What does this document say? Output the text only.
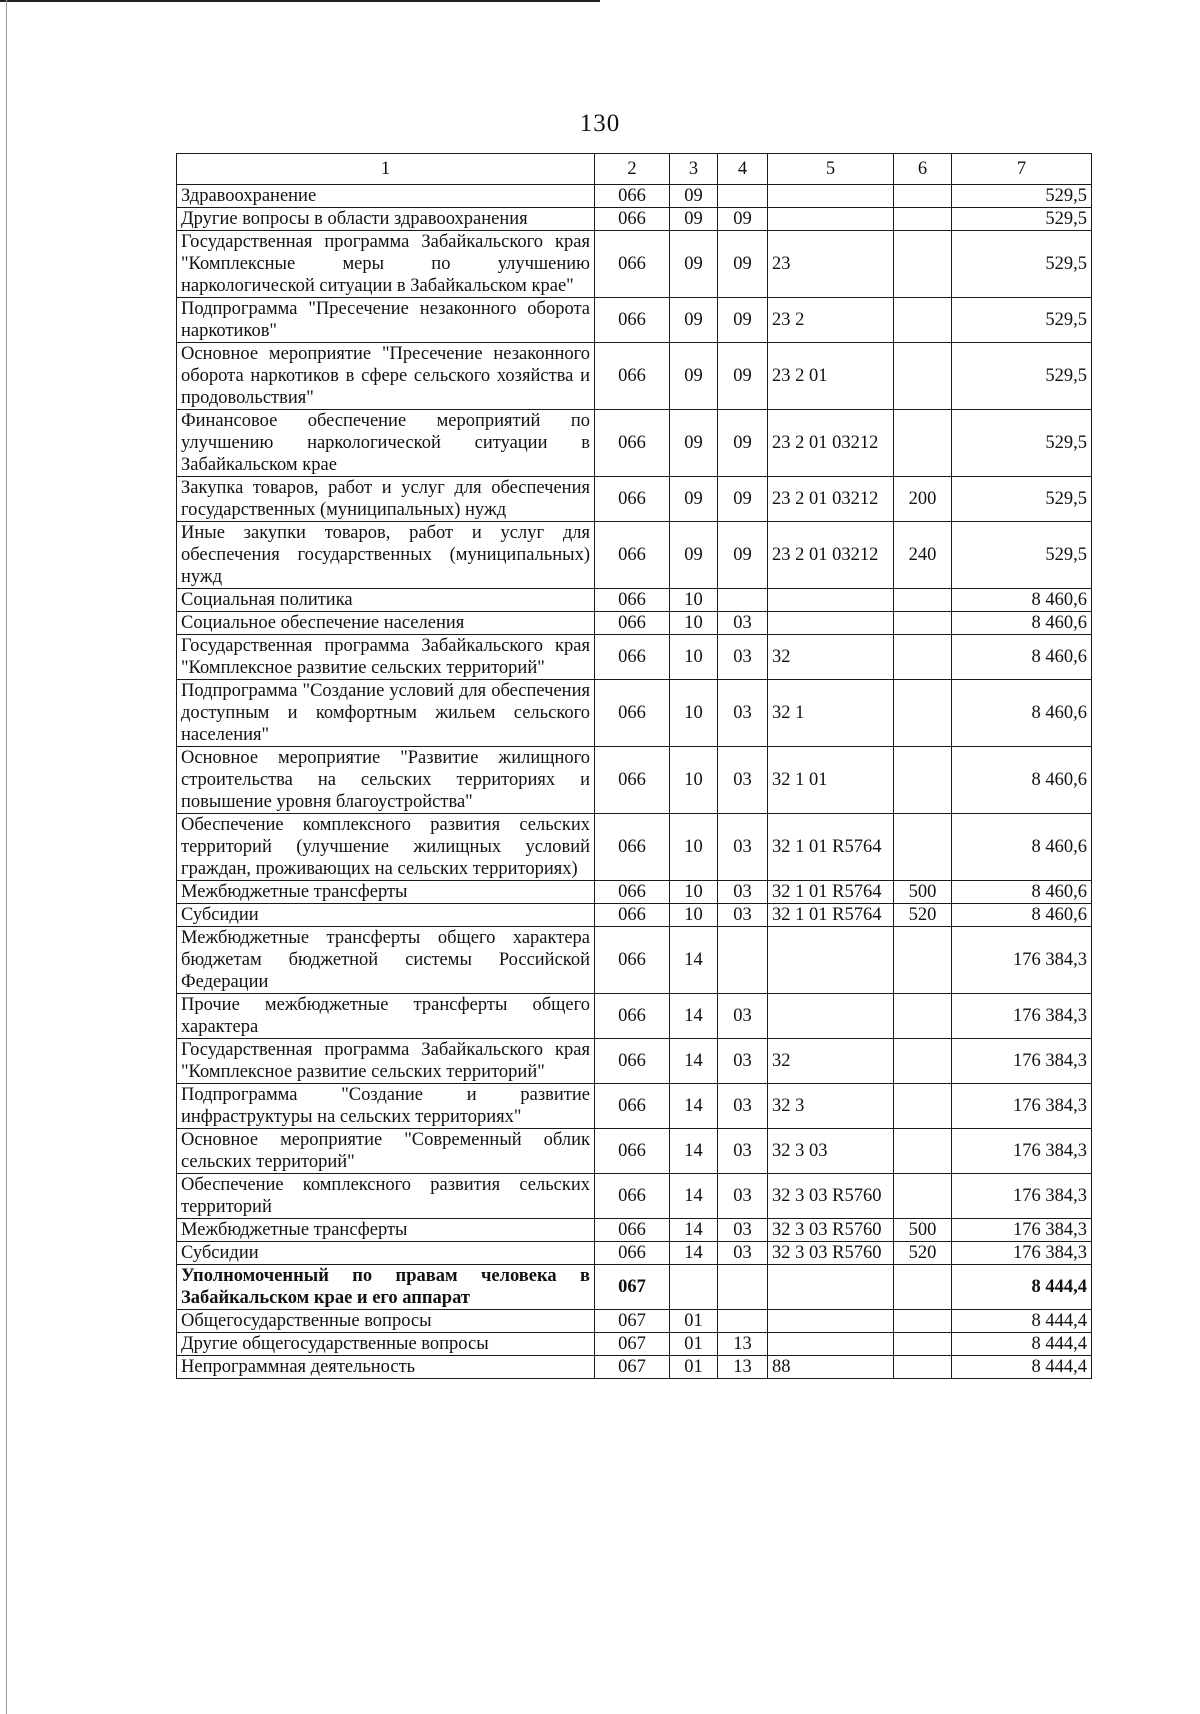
130
1	2	3	4	5	6	7
Здравоохранение	066	09				529,5
Другие вопросы в области здравоохранения	066	09	09			529,5
Государственная программа Забайкальского края "Комплексные меры по улучшению наркологической ситуации в Забайкальском крае"	066	09	09	23		529,5
Подпрограмма "Пресечение незаконного оборота наркотиков"	066	09	09	23 2		529,5
Основное мероприятие "Пресечение незаконного оборота наркотиков в сфере сельского хозяйства и продовольствия"	066	09	09	23 2 01		529,5
Финансовое обеспечение мероприятий по улучшению наркологической ситуации в Забайкальском крае	066	09	09	23 2 01 03212		529,5
Закупка товаров, работ и услуг для обеспечения государственных (муниципальных) нужд	066	09	09	23 2 01 03212	200	529,5
Иные закупки товаров, работ и услуг для обеспечения государственных (муниципальных) нужд	066	09	09	23 2 01 03212	240	529,5
Социальная политика	066	10				8 460,6
Социальное обеспечение населения	066	10	03			8 460,6
Государственная программа Забайкальского края "Комплексное развитие сельских территорий"	066	10	03	32		8 460,6
Подпрограмма "Создание условий для обеспечения доступным и комфортным жильем сельского населения"	066	10	03	32 1		8 460,6
Основное мероприятие "Развитие жилищного строительства на сельских территориях и повышение уровня благоустройства"	066	10	03	32 1 01		8 460,6
Обеспечение комплексного развития сельских территорий (улучшение жилищных условий граждан, проживающих на сельских территориях)	066	10	03	32 1 01 R5764		8 460,6
Межбюджетные трансферты	066	10	03	32 1 01 R5764	500	8 460,6
Субсидии	066	10	03	32 1 01 R5764	520	8 460,6
Межбюджетные трансферты общего характера бюджетам бюджетной системы Российской Федерации	066	14				176 384,3
Прочие межбюджетные трансферты общего характера	066	14	03			176 384,3
Государственная программа Забайкальского края "Комплексное развитие сельских территорий"	066	14	03	32		176 384,3
Подпрограмма "Создание и развитие инфраструктуры на сельских территориях"	066	14	03	32 3		176 384,3
Основное мероприятие "Современный облик сельских территорий"	066	14	03	32 3 03		176 384,3
Обеспечение комплексного развития сельских территорий	066	14	03	32 3 03 R5760		176 384,3
Межбюджетные трансферты	066	14	03	32 3 03 R5760	500	176 384,3
Субсидии	066	14	03	32 3 03 R5760	520	176 384,3
Уполномоченный по правам человека в Забайкальском крае и его аппарат	067					8 444,4
Общегосударственные вопросы	067	01				8 444,4
Другие общегосударственные вопросы	067	01	13			8 444,4
Непрограммная деятельность	067	01	13	88		8 444,4
